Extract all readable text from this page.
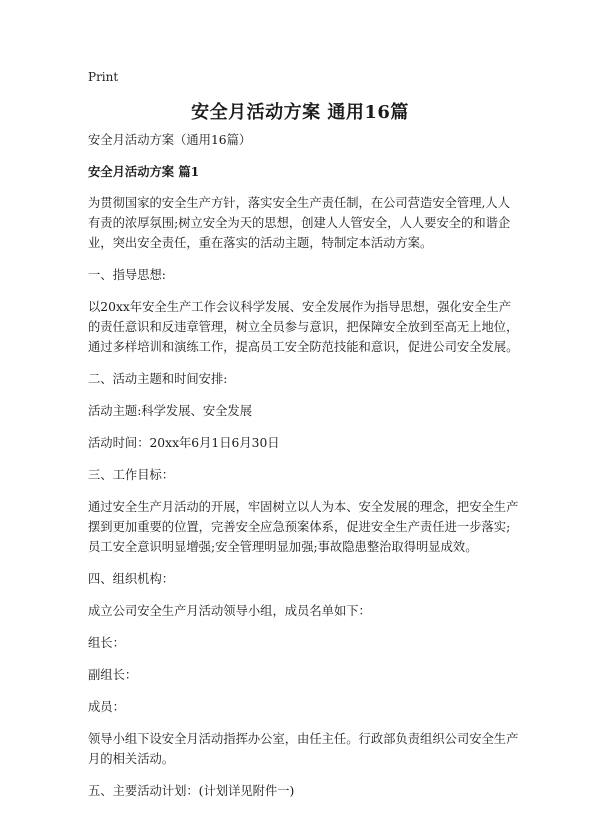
Print
安全月活动方案 通用16篇

安全月活动方案（通用16篇）

安全月活动方案 篇1

为贯彻国家的安全生产方针，落实安全生产责任制，在公司营造安全管理,人人有责的浓厚氛围;树立安全为天的思想，创建人人管安全，人人要安全的和谐企业，突出安全责任，重在落实的活动主题，特制定本活动方案。

一、指导思想:

以20xx年安全生产工作会议科学发展、安全发展作为指导思想，强化安全生产的责任意识和反违章管理，树立全员参与意识，把保障安全放到至高无上地位，通过多样培训和演练工作，提高员工安全防范技能和意识，促进公司安全发展。

二、活动主题和时间安排:

活动主题:科学发展、安全发展

活动时间：20xx年6月1日6月30日

三、工作目标：

通过安全生产月活动的开展，牢固树立以人为本、安全发展的理念，把安全生产摆到更加重要的位置，完善安全应急预案体系，促进安全生产责任进一步落实;员工安全意识明显增强;安全管理明显加强;事故隐患整治取得明显成效。

四、组织机构：

成立公司安全生产月活动领导小组，成员名单如下：

组长：

副组长：

成员：

领导小组下设安全月活动指挥办公室，由任主任。行政部负责组织公司安全生产月的相关活动。

五、主要活动计划：(计划详见附件一)
